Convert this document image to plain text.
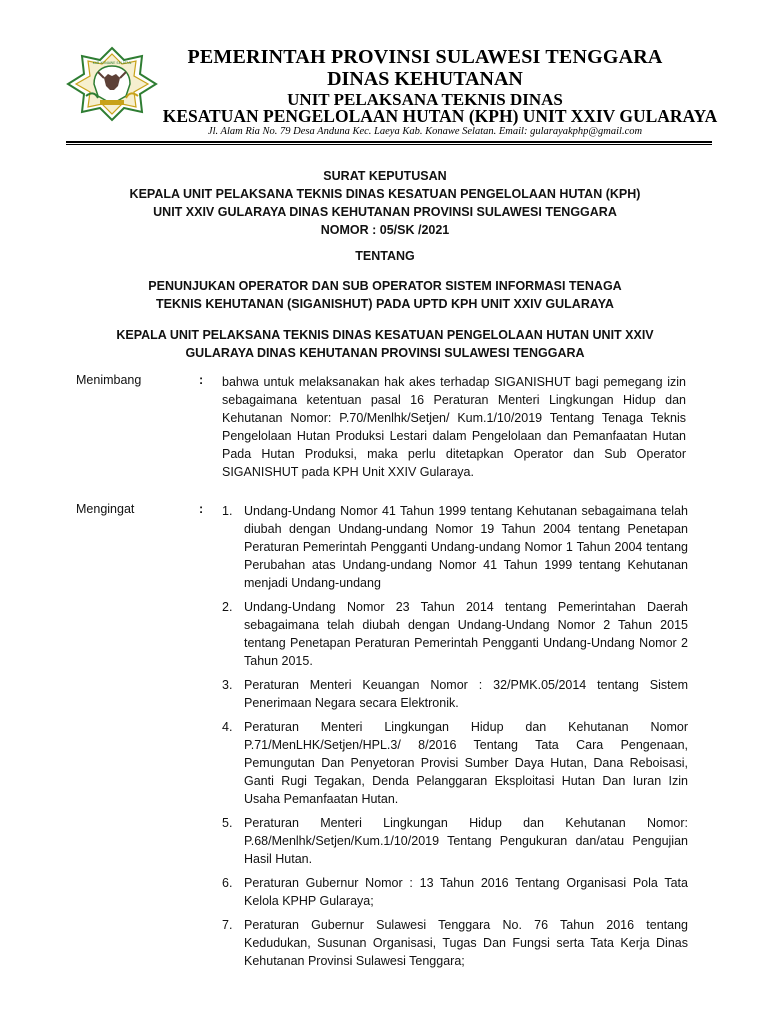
KAB KONAWE SELATAN	PEMERINTAH PROVINSI SULAWESI TENGGARA
DINAS KEHUTANAN
UNIT PELAKSANA TEKNIS DINAS
KESATUAN PENGELOLAAN HUTAN (KPH) UNIT XXIV GULARAYA
Jl. Alam Ria No. 79 Desa Anduna Kec. Laeya Kab. Konawe Selatan. Email: gularayakphp@gmail.com
SURAT KEPUTUSAN
KEPALA UNIT PELAKSANA TEKNIS DINAS KESATUAN PENGELOLAAN HUTAN (KPH)
UNIT XXIV GULARAYA DINAS KEHUTANAN PROVINSI SULAWESI TENGGARA
NOMOR : 05/SK /2021
TENTANG
PENUNJUKAN OPERATOR DAN SUB OPERATOR SISTEM INFORMASI TENAGA
TEKNIS KEHUTANAN (SIGANISHUT) PADA UPTD KPH UNIT XXIV GULARAYA
KEPALA UNIT PELAKSANA TEKNIS DINAS KESATUAN PENGELOLAAN HUTAN UNIT XXIV
GULARAYA DINAS KEHUTANAN PROVINSI SULAWESI TENGGARA
Menimbang	: bahwa untuk melaksanakan hak akes terhadap SIGANISHUT bagi pemegang izin sebagaimana ketentuan pasal 16 Peraturan Menteri Lingkungan Hidup dan Kehutanan Nomor: P.70/Menlhk/Setjen/ Kum.1/10/2019 Tentang Tenaga Teknis Pengelolaan Hutan Produksi Lestari dalam Pengelolaan dan Pemanfaatan Hutan Pada Hutan Produksi, maka perlu ditetapkan Operator dan Sub Operator SIGANISHUT pada KPH Unit XXIV Gularaya.
Mengingat	: 1. Undang-Undang Nomor 41 Tahun 1999 tentang Kehutanan sebagaimana telah diubah dengan Undang-undang Nomor 19 Tahun 2004 tentang Penetapan Peraturan Pemerintah Pengganti Undang-undang Nomor 1 Tahun 2004 tentang Perubahan atas Undang-undang Nomor 41 Tahun 1999 tentang Kehutanan menjadi Undang-undang
2. Undang-Undang Nomor 23 Tahun 2014 tentang Pemerintahan Daerah sebagaimana telah diubah dengan Undang-Undang Nomor 2 Tahun 2015 tentang Penetapan Peraturan Pemerintah Pengganti Undang-Undang Nomor 2 Tahun 2015.
3. Peraturan Menteri Keuangan Nomor : 32/PMK.05/2014 tentang Sistem Penerimaan Negara secara Elektronik.
4. Peraturan Menteri Lingkungan Hidup dan Kehutanan Nomor P.71/MenLHK/Setjen/HPL.3/ 8/2016 Tentang Tata Cara Pengenaan, Pemungutan Dan Penyetoran Provisi Sumber Daya Hutan, Dana Reboisasi, Ganti Rugi Tegakan, Denda Pelanggaran Eksploitasi Hutan Dan Iuran Izin Usaha Pemanfaatan Hutan.
5. Peraturan Menteri Lingkungan Hidup dan Kehutanan Nomor: P.68/Menlhk/Setjen/Kum.1/10/2019 Tentang Pengukuran dan/atau Pengujian Hasil Hutan.
6. Peraturan Gubernur Nomor : 13 Tahun 2016 Tentang Organisasi Pola Tata Kelola KPHP Gularaya;
7. Peraturan Gubernur Sulawesi Tenggara No. 76 Tahun 2016 tentang Kedudukan, Susunan Organisasi, Tugas Dan Fungsi serta Tata Kerja Dinas Kehutanan Provinsi Sulawesi Tenggara;
